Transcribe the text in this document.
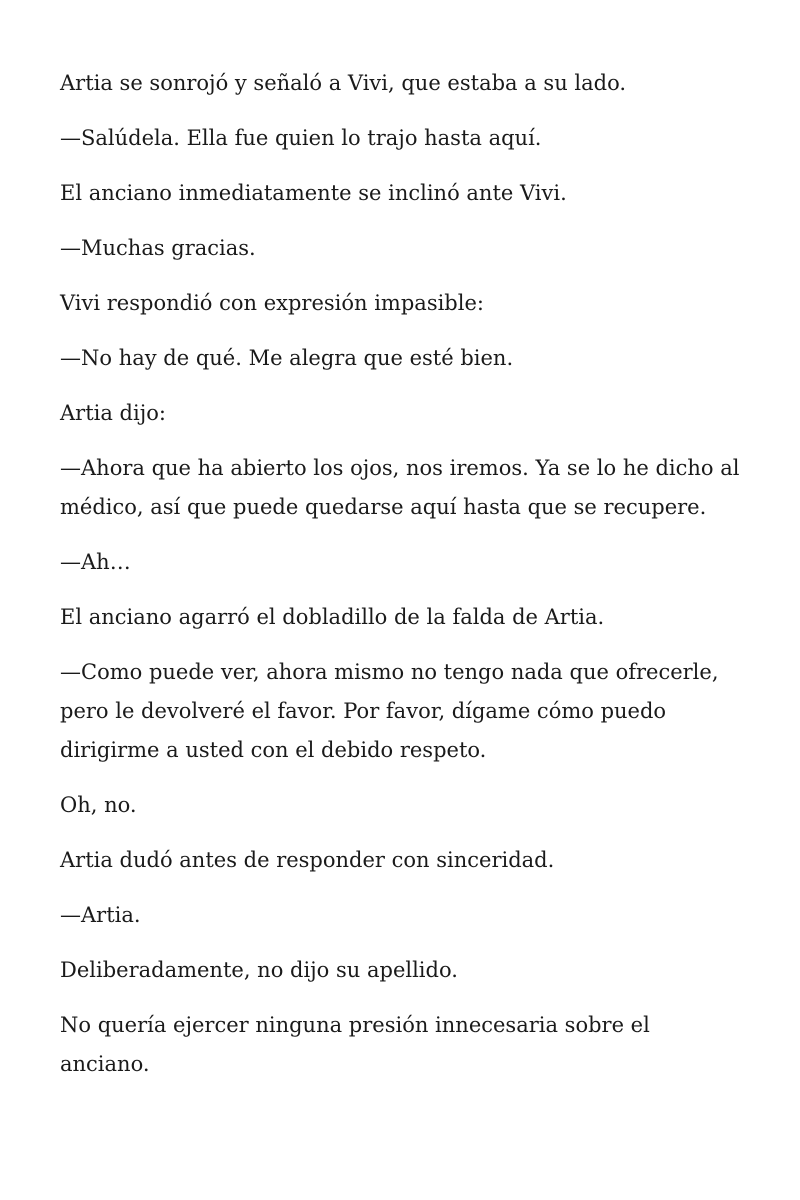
Artia se sonrojó y señaló a Vivi, que estaba a su lado.

—Salúdela. Ella fue quien lo trajo hasta aquí.

El anciano inmediatamente se inclinó ante Vivi.

—Muchas gracias.

Vivi respondió con expresión impasible:

—No hay de qué. Me alegra que esté bien.

Artia dijo:

—Ahora que ha abierto los ojos, nos iremos. Ya se lo he dicho al médico, así que puede quedarse aquí hasta que se recupere.

—Ah…

El anciano agarró el dobladillo de la falda de Artia.

—Como puede ver, ahora mismo no tengo nada que ofrecerle, pero le devolveré el favor. Por favor, dígame cómo puedo dirigirme a usted con el debido respeto.

Oh, no.

Artia dudó antes de responder con sinceridad.

—Artia.

Deliberadamente, no dijo su apellido.

No quería ejercer ninguna presión innecesaria sobre el anciano.
